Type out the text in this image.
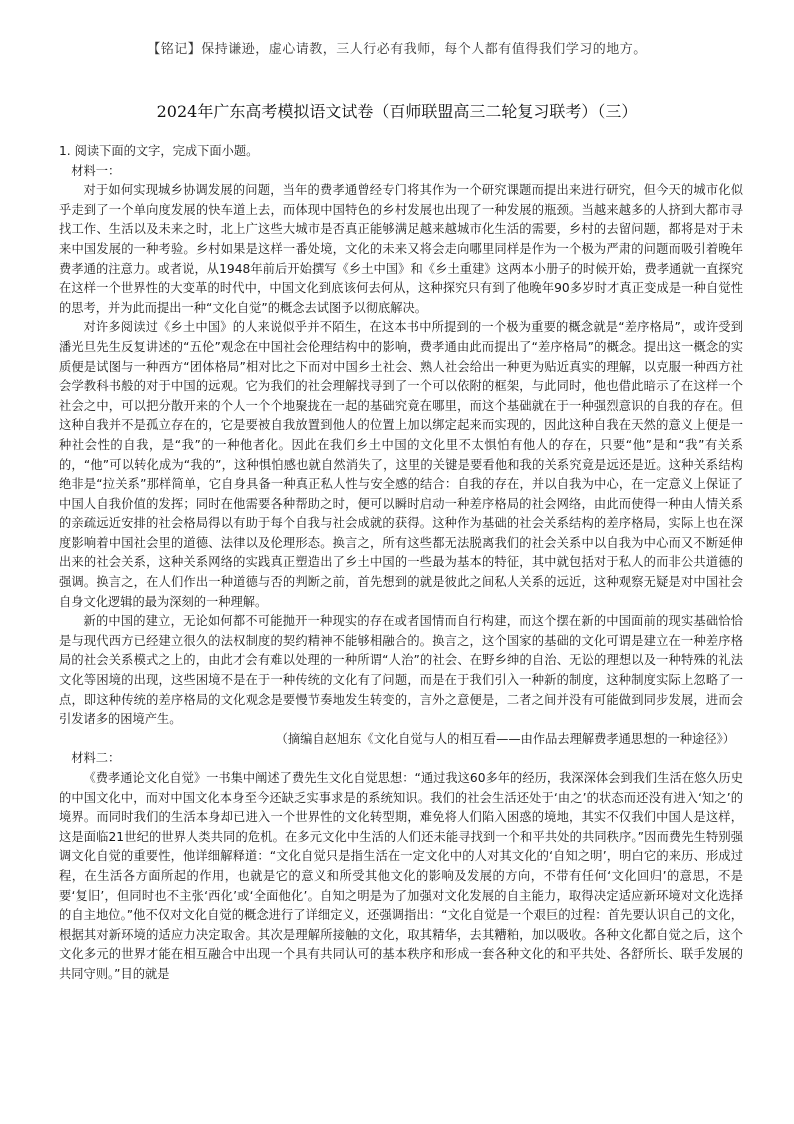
【铭记】保持谦逊，虚心请教，三人行必有我师，每个人都有值得我们学习的地方。
2024年广东高考模拟语文试卷（百师联盟高三二轮复习联考）（三）

1. 阅读下面的文字，完成下面小题。

材料一：

对于如何实现城乡协调发展的问题，当年的费孝通曾经专门将其作为一个研究课题而提出来进行研究，但今天的城市化似乎走到了一个单向度发展的快车道上去，而体现中国特色的乡村发展也出现了一种发展的瓶颈。当越来越多的人挤到大都市寻找工作、生活以及未来之时，北上广这些大城市是否真正能够满足越来越城市化生活的需要，乡村的去留问题，都将是对于未来中国发展的一种考验。乡村如果是这样一番处境，文化的未来又将会走向哪里同样是作为一个极为严肃的问题而吸引着晚年费孝通的注意力。或者说，从1948年前后开始撰写《乡土中国》和《乡土重建》这两本小册子的时候开始，费孝通就一直探究在这样一个世界性的大变革的时代中，中国文化到底该何去何从，这种探究只有到了他晚年90多岁时才真正变成是一种自觉性的思考，并为此而提出一种“文化自觉”的概念去试图予以彻底解决。

对许多阅读过《乡土中国》的人来说似乎并不陌生，在这本书中所提到的一个极为重要的概念就是“差序格局”，或许受到潘光旦先生反复讲述的“五伦”观念在中国社会伦理结构中的影响，费孝通由此而提出了“差序格局”的概念。提出这一概念的实质便是试图与一种西方“团体格局”相对比之下而对中国乡土社会、熟人社会给出一种更为贴近真实的理解，以克服一种西方社会学教科书般的对于中国的远观。它为我们的社会理解找寻到了一个可以依附的框架，与此同时，他也借此暗示了在这样一个社会之中，可以把分散开来的个人一个个地聚拢在一起的基础究竟在哪里，而这个基础就在于一种强烈意识的自我的存在。但这种自我并不是孤立存在的，它是要被自我放置到他人的位置上加以绑定起来而实现的，因此这种自我在天然的意义上便是一种社会性的自我，是“我”的一种他者化。因此在我们乡土中国的文化里不太惧怕有他人的存在，只要“他”是和“我”有关系的，“他”可以转化成为“我的”，这种惧怕感也就自然消失了，这里的关键是要看他和我的关系究竟是远还是近。这种关系结构绝非是“拉关系”那样简单，它自身具备一种真正私人性与安全感的结合：自我的存在，并以自我为中心，在一定意义上保证了中国人自我价值的发挥；同时在他需要各种帮助之时，便可以瞬时启动一种差序格局的社会网络，由此而使得一种由人情关系的亲疏远近安排的社会格局得以有助于每个自我与社会成就的获得。这种作为基础的社会关系结构的差序格局，实际上也在深度影响着中国社会里的道德、法律以及伦理形态。换言之，所有这些都无法脱离我们的社会关系中以自我为中心而又不断延伸出来的社会关系，这种关系网络的实践真正塑造出了乡土中国的一些最为基本的特征，其中就包括对于私人的而非公共道德的强调。换言之，在人们作出一种道德与否的判断之前，首先想到的就是彼此之间私人关系的远近，这种观察无疑是对中国社会自身文化逻辑的最为深刻的一种理解。

新的中国的建立，无论如何都不可能抛开一种现实的存在或者国情而自行构建，而这个摆在新的中国面前的现实基础恰恰是与现代西方已经建立很久的法权制度的契约精神不能够相融合的。换言之，这个国家的基础的文化可谓是建立在一种差序格局的社会关系模式之上的，由此才会有难以处理的一种所谓“人治”的社会、在野乡绅的自治、无讼的理想以及一种特殊的礼法文化等困境的出现，这些困境不是在于一种传统的文化有了问题，而是在于我们引入一种新的制度，这种制度实际上忽略了一点，即这种传统的差序格局的文化观念是要慢节奏地发生转变的，言外之意便是，二者之间并没有可能做到同步发展，进而会引发诸多的困境产生。

（摘编自赵旭东《文化自觉与人的相互看——由作品去理解费孝通思想的一种途径》）

材料二：

《费孝通论文化自觉》一书集中阐述了费先生文化自觉思想：“通过我这60多年的经历，我深深体会到我们生活在悠久历史的中国文化中，而对中国文化本身至今还缺乏实事求是的系统知识。我们的社会生活还处于‘由之’的状态而还没有进入‘知之’的境界。而同时我们的生活本身却已进入一个世界性的文化转型期，难免将人们陷入困惑的境地，其实不仅我们中国人是这样，这是面临21世纪的世界人类共同的危机。在多元文化中生活的人们还未能寻找到一个和平共处的共同秩序。”因而费先生特别强调文化自觉的重要性，他详细解释道：“文化自觉只是指生活在一定文化中的人对其文化的‘自知之明’，明白它的来历、形成过程，在生活各方面所起的作用，也就是它的意义和所受其他文化的影响及发展的方向，不带有任何‘文化回归’的意思，不是要‘复旧’，但同时也不主张‘西化’或‘全面他化’。自知之明是为了加强对文化发展的自主能力，取得决定适应新环境对文化选择的自主地位。”他不仅对文化自觉的概念进行了详细定义，还强调指出：“文化自觉是一个艰巨的过程：首先要认识自己的文化，根据其对新环境的适应力决定取舍。其次是理解所接触的文化，取其精华，去其糟粕，加以吸收。各种文化都自觉之后，这个文化多元的世界才能在相互融合中出现一个具有共同认可的基本秩序和形成一套各种文化的和平共处、各舒所长、联手发展的共同守则。”目的就是
